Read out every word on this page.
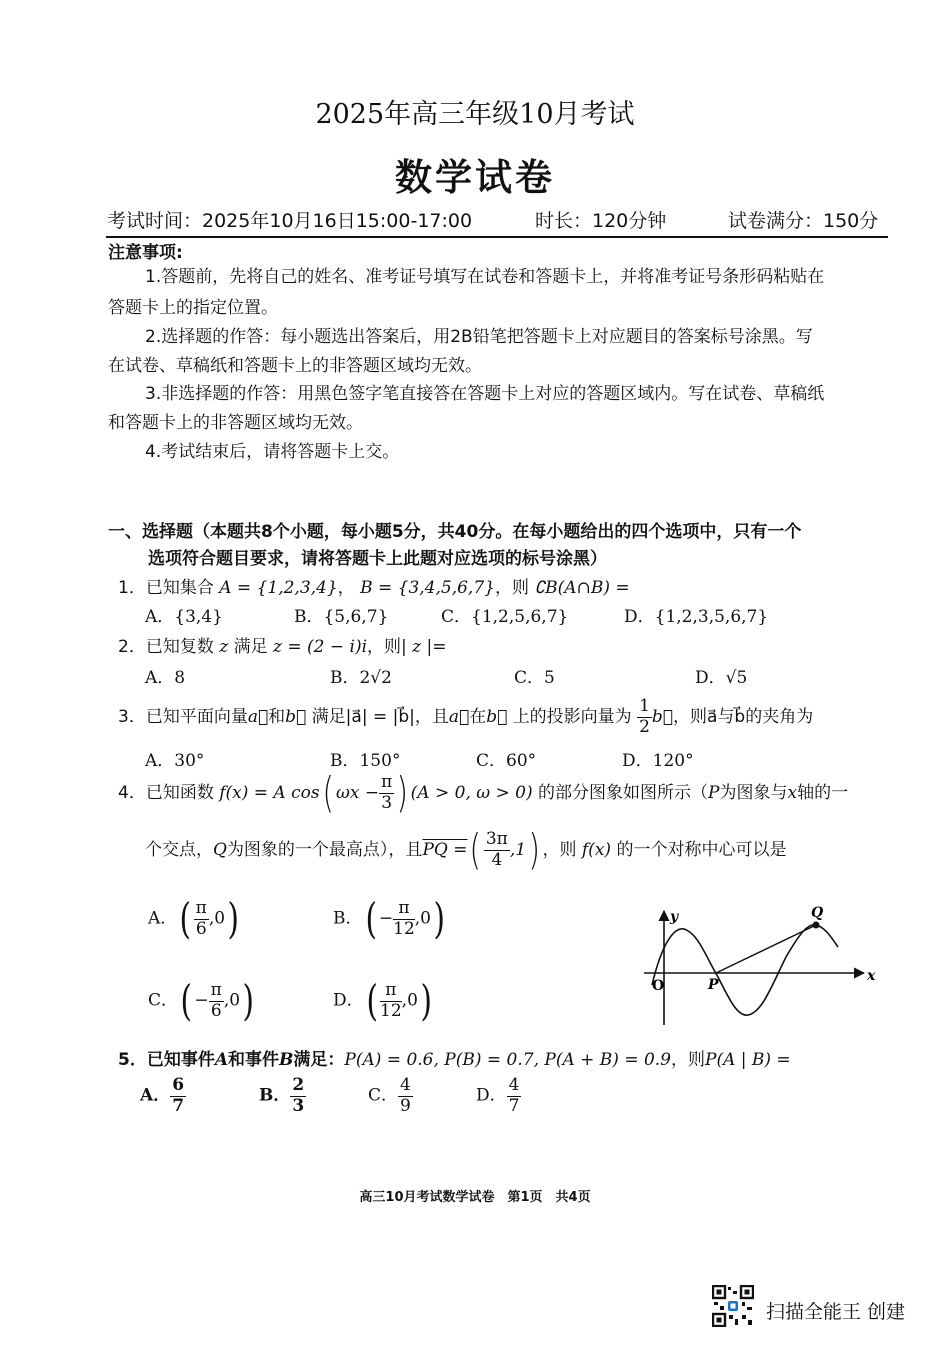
2025年高三年级10月考试
数学试卷
考试时间：2025年10月16日15:00-17:00	时长：120分钟	试卷满分：150分
注意事项:
1.答题前，先将自己的姓名、准考证号填写在试卷和答题卡上，并将准考证号条形码粘贴在
答题卡上的指定位置。
2.选择题的作答：每小题选出答案后，用2B铅笔把答题卡上对应题目的答案标号涂黑。写
在试卷、草稿纸和答题卡上的非答题区域均无效。
3.非选择题的作答：用黑色签字笔直接答在答题卡上对应的答题区域内。写在试卷、草稿纸
和答题卡上的非答题区域均无效。
4.考试结束后，请将答题卡上交。
一、选择题（本题共8个小题，每小题5分，共40分。在每小题给出的四个选项中，只有一个
选项符合题目要求，请将答题卡上此题对应选项的标号涂黑）
1．已知集合 A = {1,2,3,4}， B = {3,4,5,6,7}，则 ∁B(A∩B) =
A．{3,4}	B．{5,6,7}	C．{1,2,5,6,7}	D．{1,2,3,5,6,7}
2．已知复数 z 满足 z = (2 − i)i，则| z |=
A．8	B．2√2	C．5	D．√5
3．已知平面向量a⃗和b⃗ 满足|a⃗| = |b⃗|，且a⃗在b⃗ 上的投影向量为 $\frac{1}{2}$ b⃗，则a⃗与b⃗的夹角为
A．30°	B．150°	C．60°	D．120°
4．已知函数 f(x) = A cos( $\omega x - \frac{\pi}{3}$ ) (A > 0, ω > 0) 的部分图象如图所示（P为图象与x轴的一
个交点，Q为图象的一个最高点），且PQ =( $\frac{3\pi}{4} ,1$) ，则 f(x) 的一个对称中心可以是
A．( $\frac{\pi}{6} ,0$)	B．( − $\frac{\pi}{12} ,0$)
C．( − $\frac{\pi}{6} ,0$)	D．( $\frac{\pi}{12} ,0$)
y
x
O	P
Q
5．已知事件A和事件B满足：P(A) = 0.6, P(B) = 0.7, P(A + B) = 0.9，则P(A | B) =
A． $\frac{6}{7}$	B． $\frac{2}{3}$	C． $\frac{4}{9}$	D． $\frac{4}{7}$
高三10月考试数学试卷　第1页　共4页
扫描全能王 创建
